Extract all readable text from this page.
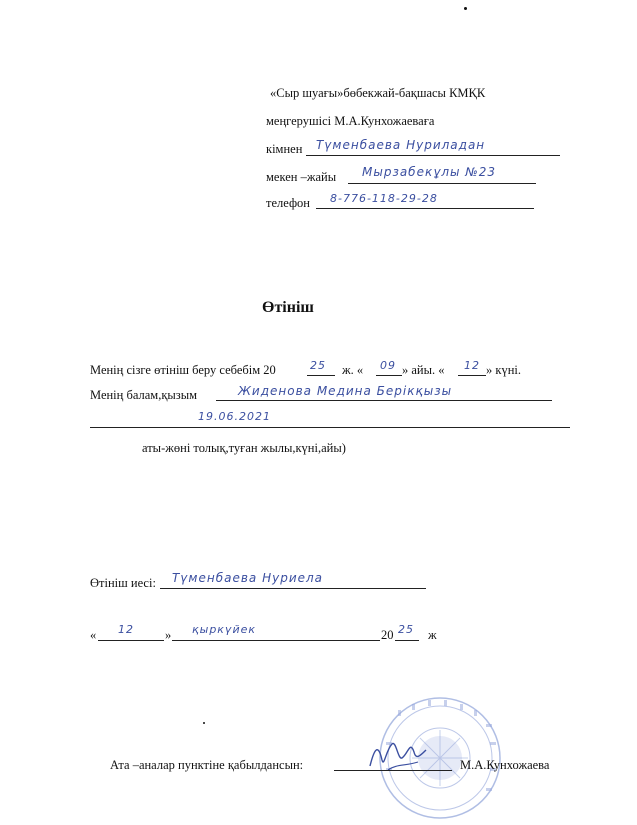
«Сыр шуағы»бөбекжай-бақшасы КМҚК
меңгерушісі М.А.Кунхожаеваға
кімнен Түменбаева Нуриладан
мекен –жайы Мырзабекұлы №23
телефон 8-776-118-29-28
Өтініш
Менің сізге өтініш беру себебім 20	25 ж. « 09 » айы. « 12 » күні.
Менің балам,қызым	Жиденова Медина Берікқызы
19.06.2021
аты-жөні толық,туған жылы,күні,айы)
Өтініш иесі: Түменбаева Нуриела
« 12 » қыркүйек	20 25 ж
Ата –аналар пунктіне қабылдансын:	М.А.Кунхожаева
